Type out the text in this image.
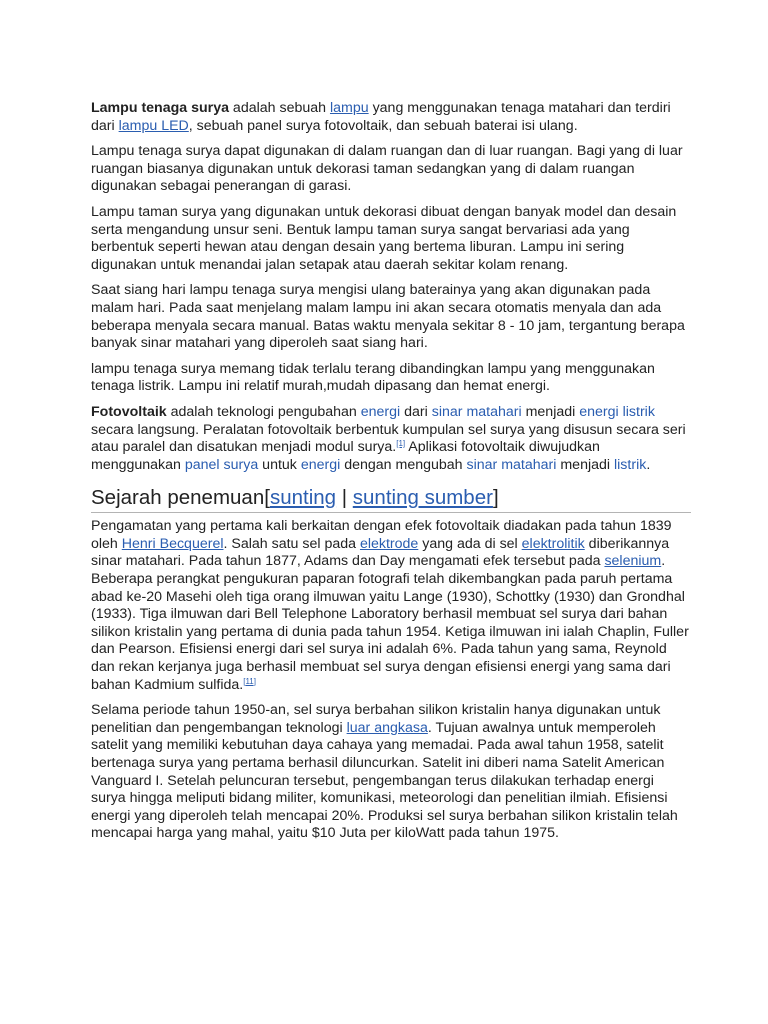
Lampu tenaga surya adalah sebuah lampu yang menggunakan tenaga matahari dan terdiri dari lampu LED, sebuah panel surya fotovoltaik, dan sebuah baterai isi ulang.

Lampu tenaga surya dapat digunakan di dalam ruangan dan di luar ruangan. Bagi yang di luar ruangan biasanya digunakan untuk dekorasi taman sedangkan yang di dalam ruangan digunakan sebagai penerangan di garasi.

Lampu taman surya yang digunakan untuk dekorasi dibuat dengan banyak model dan desain serta mengandung unsur seni. Bentuk lampu taman surya sangat bervariasi ada yang berbentuk seperti hewan atau dengan desain yang bertema liburan. Lampu ini sering digunakan untuk menandai jalan setapak atau daerah sekitar kolam renang.

Saat siang hari lampu tenaga surya mengisi ulang baterainya yang akan digunakan pada malam hari. Pada saat menjelang malam lampu ini akan secara otomatis menyala dan ada beberapa menyala secara manual. Batas waktu menyala sekitar 8 - 10 jam, tergantung berapa banyak sinar matahari yang diperoleh saat siang hari.

lampu tenaga surya memang tidak terlalu terang dibandingkan lampu yang menggunakan tenaga listrik. Lampu ini relatif murah,mudah dipasang dan hemat energi.

Fotovoltaik adalah teknologi pengubahan energi dari sinar matahari menjadi energi listrik secara langsung. Peralatan fotovoltaik berbentuk kumpulan sel surya yang disusun secara seri atau paralel dan disatukan menjadi modul surya.[1] Aplikasi fotovoltaik diwujudkan menggunakan panel surya untuk energi dengan mengubah sinar matahari menjadi listrik.

Sejarah penemuan[sunting | sunting sumber]

Pengamatan yang pertama kali berkaitan dengan efek fotovoltaik diadakan pada tahun 1839 oleh Henri Becquerel. Salah satu sel pada elektrode yang ada di sel elektrolitik diberikannya sinar matahari. Pada tahun 1877, Adams dan Day mengamati efek tersebut pada selenium. Beberapa perangkat pengukuran paparan fotografi telah dikembangkan pada paruh pertama abad ke-20 Masehi oleh tiga orang ilmuwan yaitu Lange (1930), Schottky (1930) dan Grondhal (1933). Tiga ilmuwan dari Bell Telephone Laboratory berhasil membuat sel surya dari bahan silikon kristalin yang pertama di dunia pada tahun 1954. Ketiga ilmuwan ini ialah Chaplin, Fuller dan Pearson. Efisiensi energi dari sel surya ini adalah 6%. Pada tahun yang sama, Reynold dan rekan kerjanya juga berhasil membuat sel surya dengan efisiensi energi yang sama dari bahan Kadmium sulfida.[11]

Selama periode tahun 1950-an, sel surya berbahan silikon kristalin hanya digunakan untuk penelitian dan pengembangan teknologi luar angkasa. Tujuan awalnya untuk memperoleh satelit yang memiliki kebutuhan daya cahaya yang memadai. Pada awal tahun 1958, satelit bertenaga surya yang pertama berhasil diluncurkan. Satelit ini diberi nama Satelit American Vanguard I. Setelah peluncuran tersebut, pengembangan terus dilakukan terhadap energi surya hingga meliputi bidang militer, komunikasi, meteorologi dan penelitian ilmiah. Efisiensi energi yang diperoleh telah mencapai 20%. Produksi sel surya berbahan silikon kristalin telah mencapai harga yang mahal, yaitu $10 Juta per kiloWatt pada tahun 1975.
